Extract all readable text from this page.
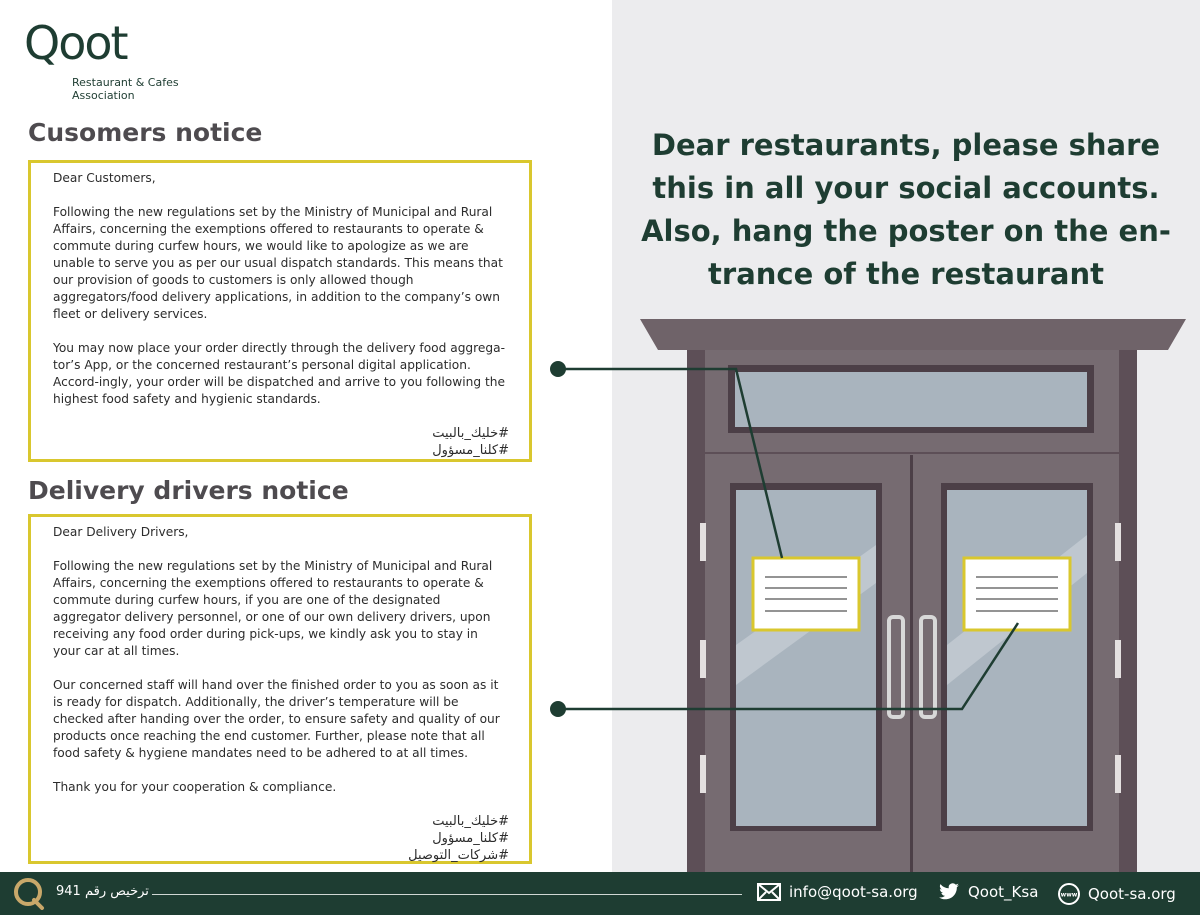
Qoot
Restaurant & Cafes Association
Cusomers notice

Dear Customers,

Following the new regulations set by the Ministry of Municipal and Rural Affairs, concerning the exemptions offered to restaurants to operate & commute during curfew hours, we would like to apologize as we are unable to serve you as per our usual dispatch standards. This means that our provision of goods to customers is only allowed though aggregators/food delivery applications, in addition to the company’s own fleet or delivery services.

You may now place your order directly through the delivery food aggrega-tor’s App, or the concerned restaurant’s personal digital application. Accord-ingly, your order will be dispatched and arrive to you following the highest food safety and hygienic standards.

#خليك_بالبيت
#كلنا_مسؤول
Delivery drivers notice

Dear Delivery Drivers,

Following the new regulations set by the Ministry of Municipal and Rural Affairs, concerning the exemptions offered to restaurants to operate & commute during curfew hours, if you are one of the designated aggregator delivery personnel, or one of our own delivery drivers, upon receiving any food order during pick-ups, we kindly ask you to stay in your car at all times.

Our concerned staff will hand over the finished order to you as soon as it is ready for dispatch. Additionally, the driver’s temperature will be checked after handing over the order, to ensure safety and quality of our products once reaching the end customer. Further, please note that all food safety & hygiene mandates need to be adhered to at all times.

Thank you for your cooperation & compliance.

#خليك_بالبيت
#كلنا_مسؤول
#شركات_التوصيل
Dear restaurants, please share this in all your social accounts. Also, hang the poster on the en-trance of the restaurant
ترخيص رقم 941	info@qoot-sa.org	Qoot_Ksa	www Qoot-sa.org
